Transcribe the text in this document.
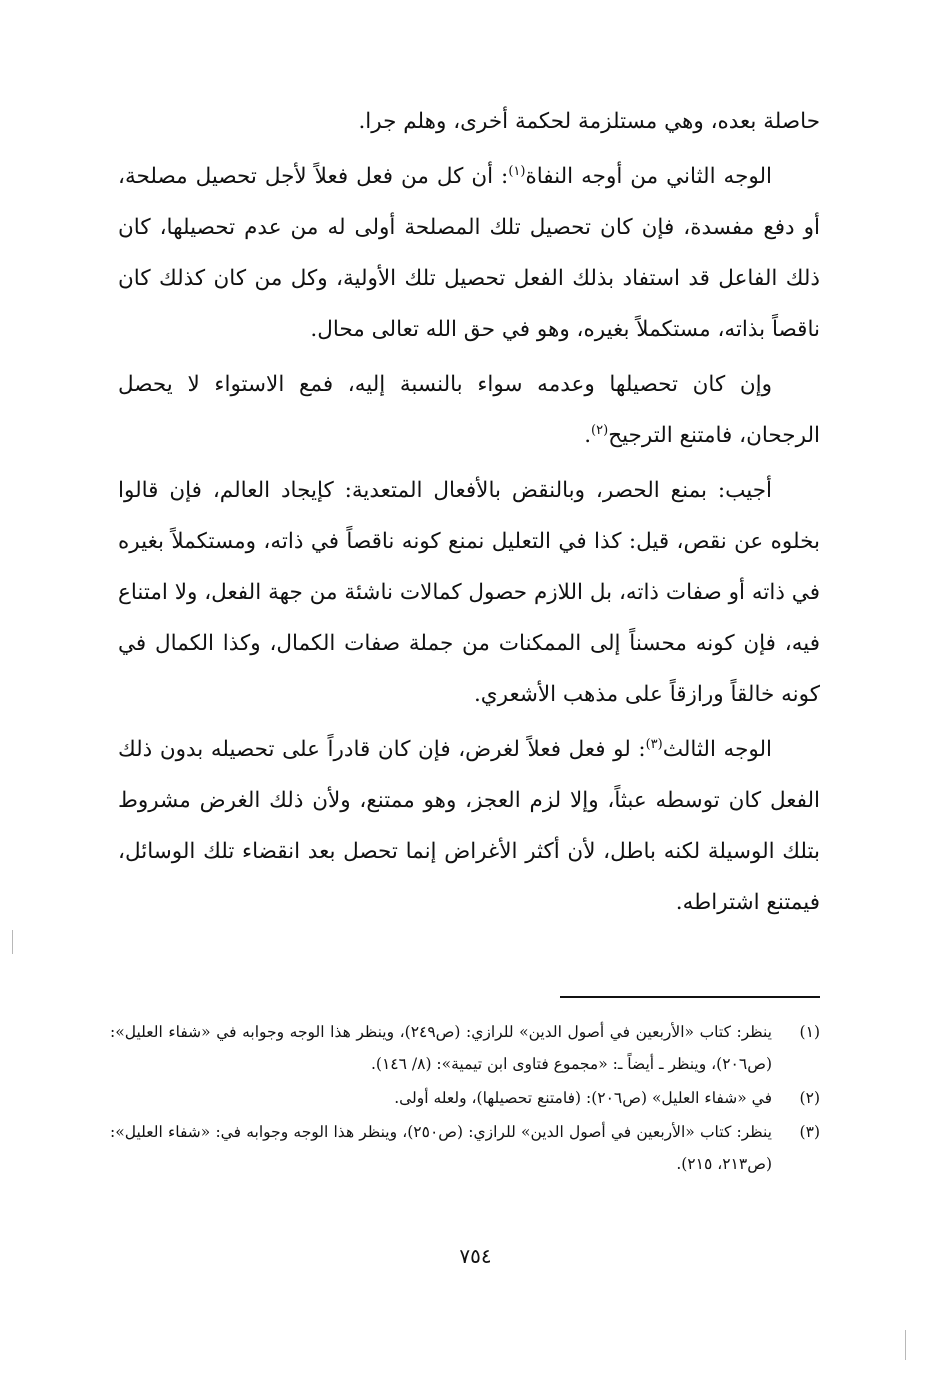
حاصلة بعده، وهي مستلزمة لحكمة أخرى، وهلم جرا.

الوجه الثاني من أوجه النفاة$^{(١)}$: أن كل من فعل فعلاً لأجل تحصيل مصلحة، أو دفع مفسدة، فإن كان تحصيل تلك المصلحة أولى له من عدم تحصيلها، كان ذلك الفاعل قد استفاد بذلك الفعل تحصيل تلك الأولية، وكل من كان كذلك كان ناقصاً بذاته، مستكملاً بغيره، وهو في حق الله تعالى محال.

وإن كان تحصيلها وعدمه سواء بالنسبة إليه، فمع الاستواء لا يحصل الرجحان، فامتنع الترجيح$^{(٢)}$.

أجيب: بمنع الحصر، وبالنقض بالأفعال المتعدية: كإيجاد العالم، فإن قالوا بخلوه عن نقص، قيل: كذا في التعليل نمنع كونه ناقصاً في ذاته، ومستكملاً بغيره في ذاته أو صفات ذاته، بل اللازم حصول كمالات ناشئة من جهة الفعل، ولا امتناع فيه، فإن كونه محسناً إلى الممكنات من جملة صفات الكمال، وكذا الكمال في كونه خالقاً ورازقاً على مذهب الأشعري.

الوجه الثالث$^{(٣)}$: لو فعل فعلاً لغرض، فإن كان قادراً على تحصيله بدون ذلك الفعل كان توسطه عبثاً، وإلا لزم العجز، وهو ممتنع، ولأن ذلك الغرض مشروط بتلك الوسيلة لكنه باطل، لأن أكثر الأغراض إنما تحصل بعد انقضاء تلك الوسائل، فيمتنع اشتراطه.

(١)
ينظر: كتاب «الأربعين في أصول الدين» للرازي: (ص٢٤٩)، وينظر هذا الوجه وجوابه في «شفاء العليل»: (ص٢٠٦)، وينظر ـ أيضاً ـ: «مجموع فتاوى ابن تيمية»: (٨/ ١٤٦).
(٢)
في «شفاء العليل» (ص٢٠٦): (فامتنع تحصيلها)، ولعله أولى.
(٣)
ينظر: كتاب «الأربعين في أصول الدين» للرازي: (ص٢٥٠)، وينظر هذا الوجه وجوابه في: «شفاء العليل»: (ص٢١٣، ٢١٥).
٧٥٤
